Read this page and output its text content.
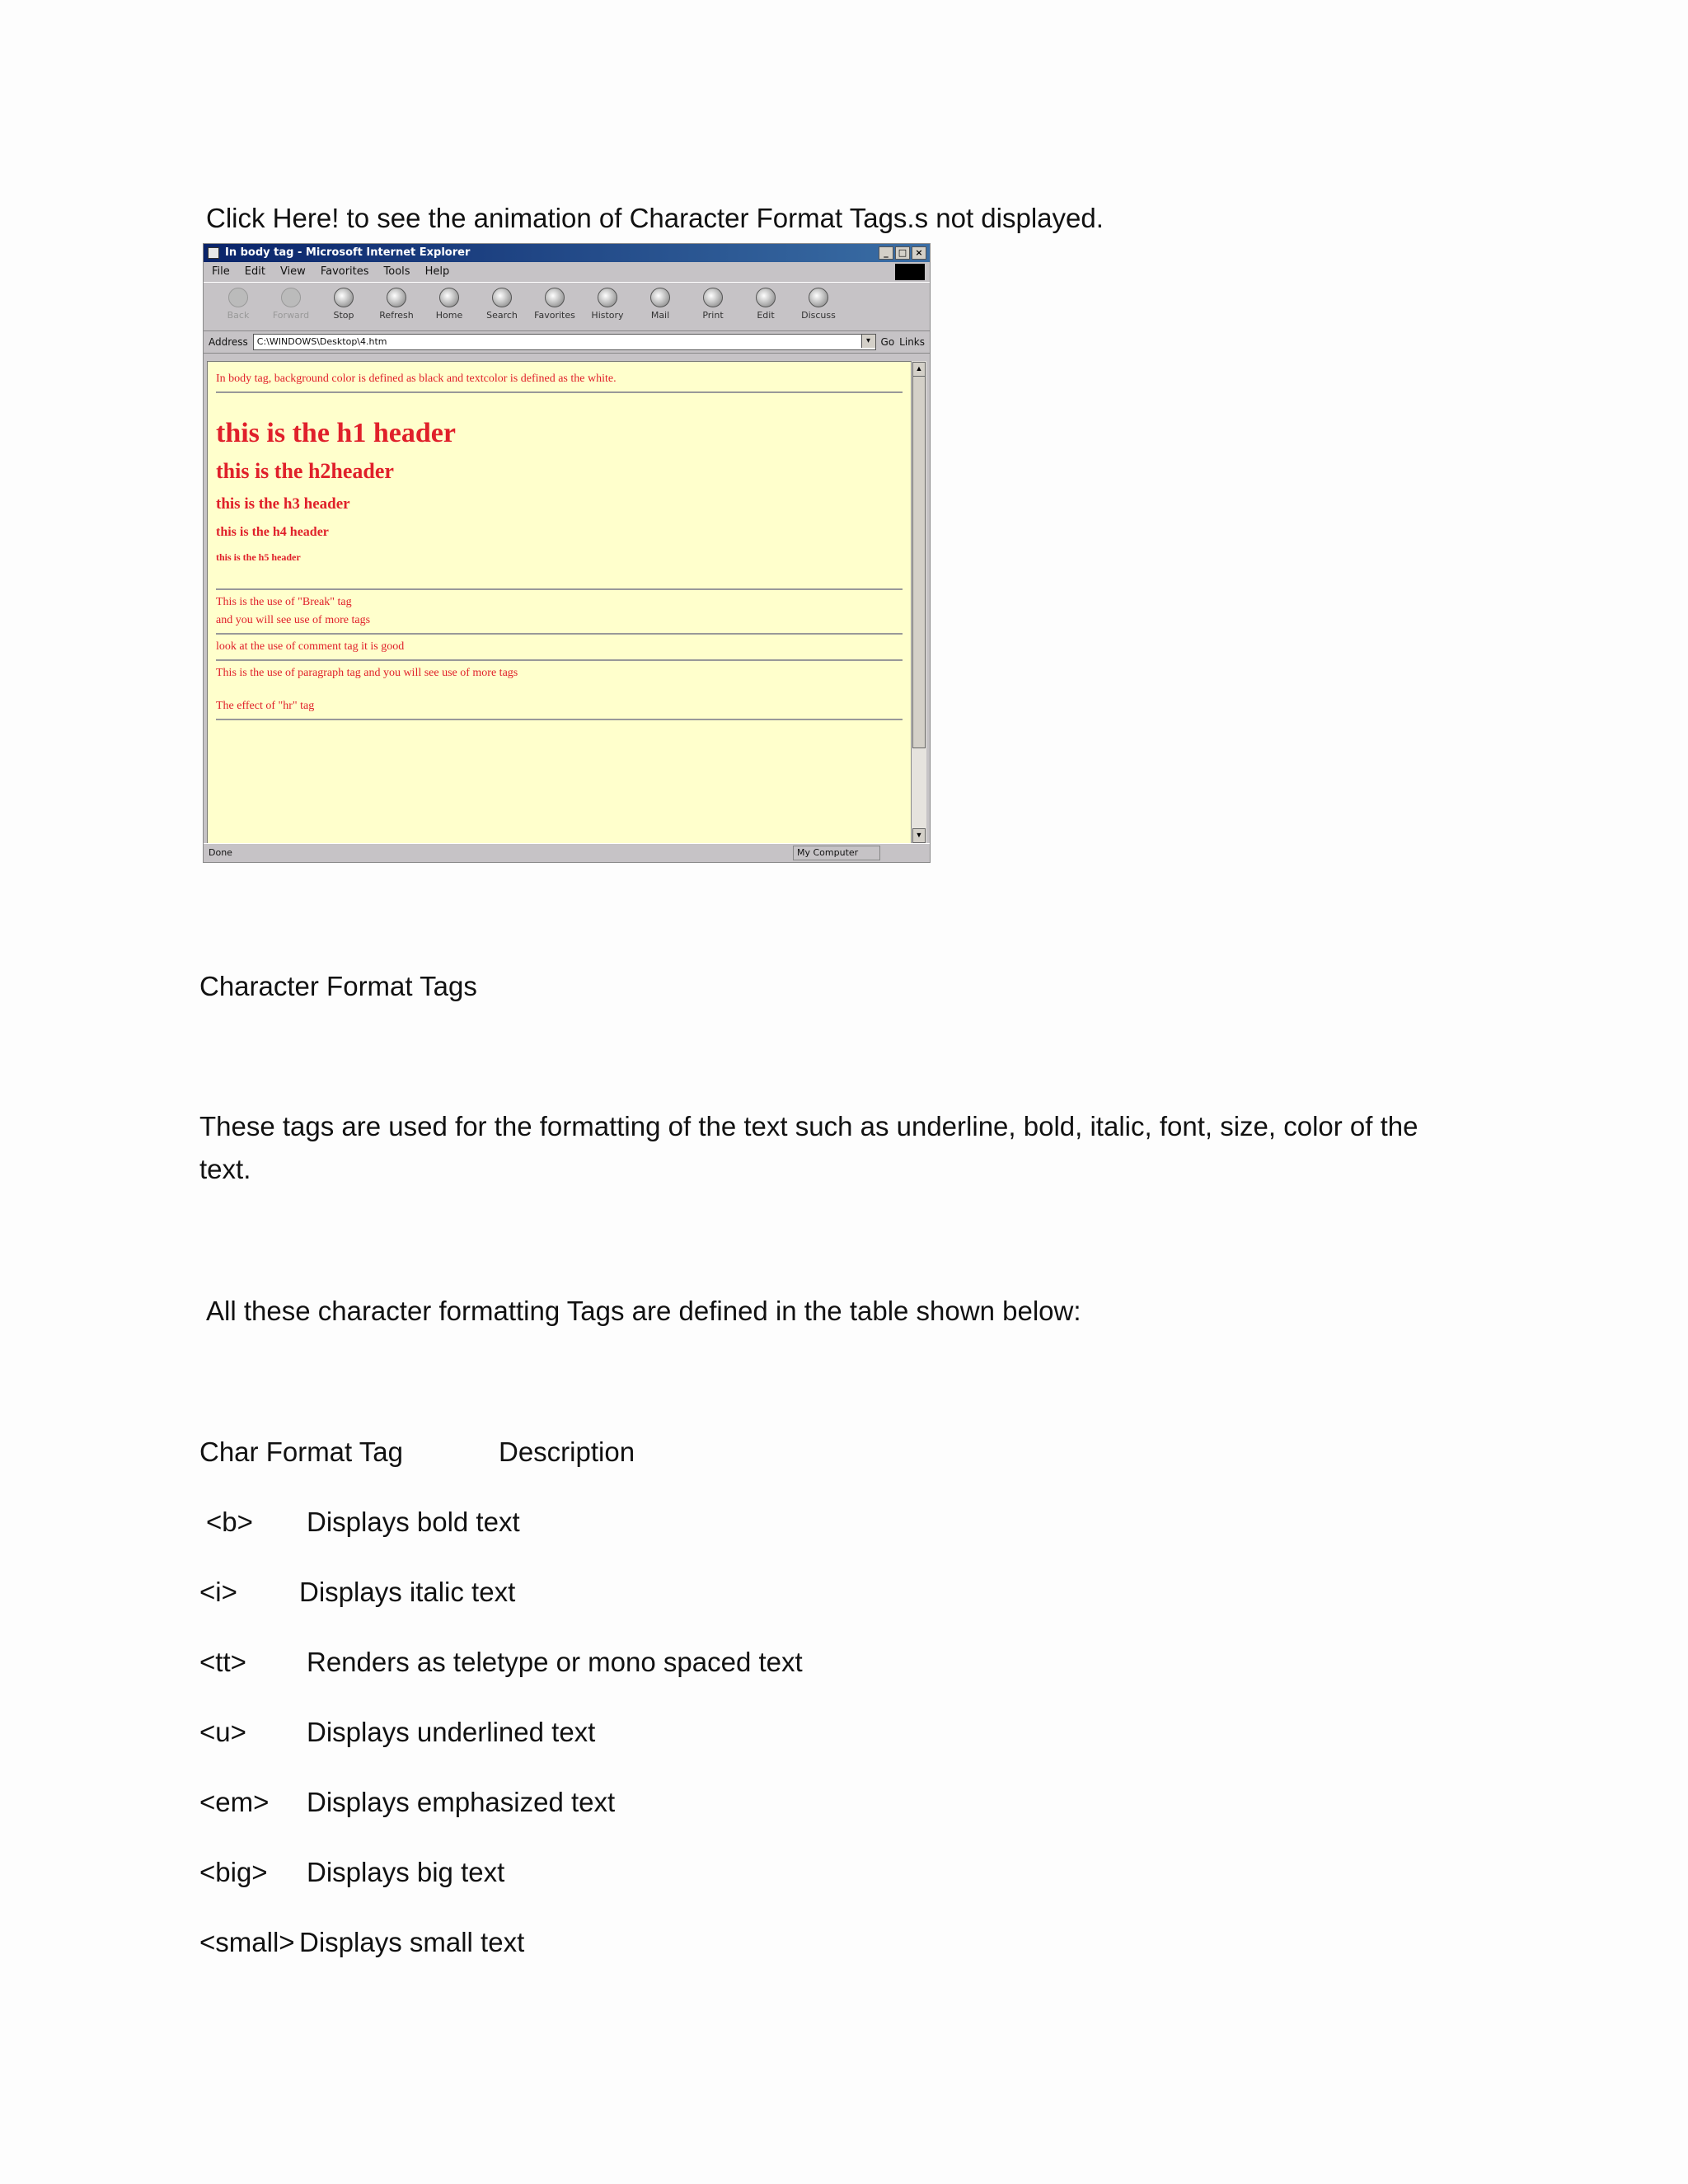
Click Here! to see the animation of Character Format Tags.s not displayed.

In body tag - Microsoft Internet Explorer	_	□ ×
File Edit View Favorites Tools Help
Back	Forward	Stop	Refresh	Home	Search	Favorites	History	Mail	Print	Edit	Discuss
Address	C:\WINDOWS\Desktop\4.htm ▾	Go Links

In body tag, background color is defined as black and textcolor is defined as the white.

this is the h1 header
this is the h2header
this is the h3 header
this is the h4 header
this is the h5 header

This is the use of "Break" tag

and you will see use of more tags

look at the use of comment tag it is good

This is the use of paragraph tag and you will see use of more tags

The effect of "hr" tag

▲
▼
Done	My Computer

Character Format Tags

These tags are used for the formatting of the text such as underline, bold, italic, font, size, color of the

text.

All these character formatting Tags are defined in the table shown below:

Char Format Tag	Description

<b> Displays bold text

<i> Displays italic text

<tt> Renders as teletype or mono spaced text

<u> Displays underlined text

<em> Displays emphasized text

<big> Displays big text

<small> Displays small text
